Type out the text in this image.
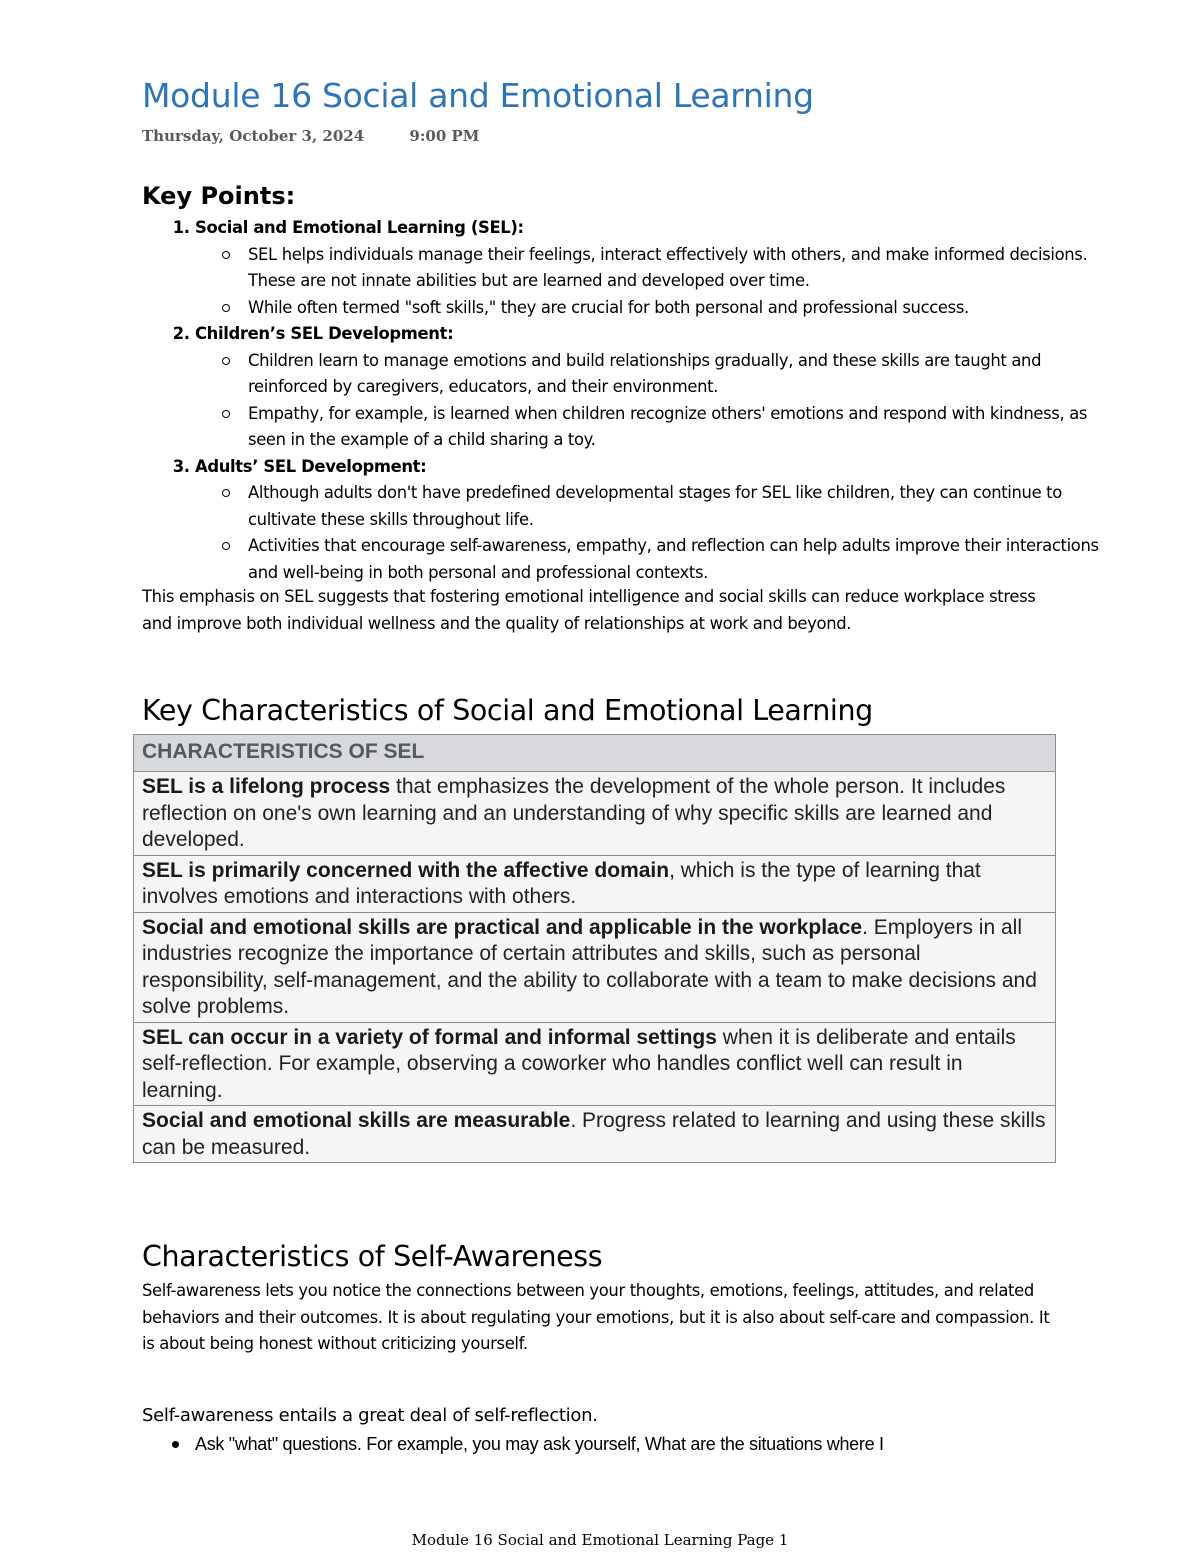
Module 16 Social and Emotional Learning
Thursday, October 3, 2024	9:00 PM
Key Points:
1. Social and Emotional Learning (SEL):
SEL helps individuals manage their feelings, interact effectively with others, and make informed decisions. These are not innate abilities but are learned and developed over time.
While often termed "soft skills," they are crucial for both personal and professional success.
2. Children’s SEL Development:
Children learn to manage emotions and build relationships gradually, and these skills are taught and reinforced by caregivers, educators, and their environment.
Empathy, for example, is learned when children recognize others' emotions and respond with kindness, as seen in the example of a child sharing a toy.
3. Adults’ SEL Development:
Although adults don't have predefined developmental stages for SEL like children, they can continue to cultivate these skills throughout life.
Activities that encourage self-awareness, empathy, and reflection can help adults improve their interactions and well-being in both personal and professional contexts.

This emphasis on SEL suggests that fostering emotional intelligence and social skills can reduce workplace stress and improve both individual wellness and the quality of relationships at work and beyond.

Key Characteristics of Social and Emotional Learning
CHARACTERISTICS OF SEL
SEL is a lifelong process that emphasizes the development of the whole person. It includes reflection on one's own learning and an understanding of why specific skills are learned and developed.
SEL is primarily concerned with the affective domain, which is the type of learning that involves emotions and interactions with others.
Social and emotional skills are practical and applicable in the workplace. Employers in all industries recognize the importance of certain attributes and skills, such as personal responsibility, self-management, and the ability to collaborate with a team to make decisions and solve problems.
SEL can occur in a variety of formal and informal settings when it is deliberate and entails self-reflection. For example, observing a coworker who handles conflict well can result in learning.
Social and emotional skills are measurable. Progress related to learning and using these skills can be measured.
Characteristics of Self-Awareness

Self-awareness lets you notice the connections between your thoughts, emotions, feelings, attitudes, and related behaviors and their outcomes. It is about regulating your emotions, but it is also about self-care and compassion. It is about being honest without criticizing yourself.

Self-awareness entails a great deal of self-reflection.

Ask "what" questions. For example, you may ask yourself, What are the situations where I
Module 16 Social and Emotional Learning Page 1
